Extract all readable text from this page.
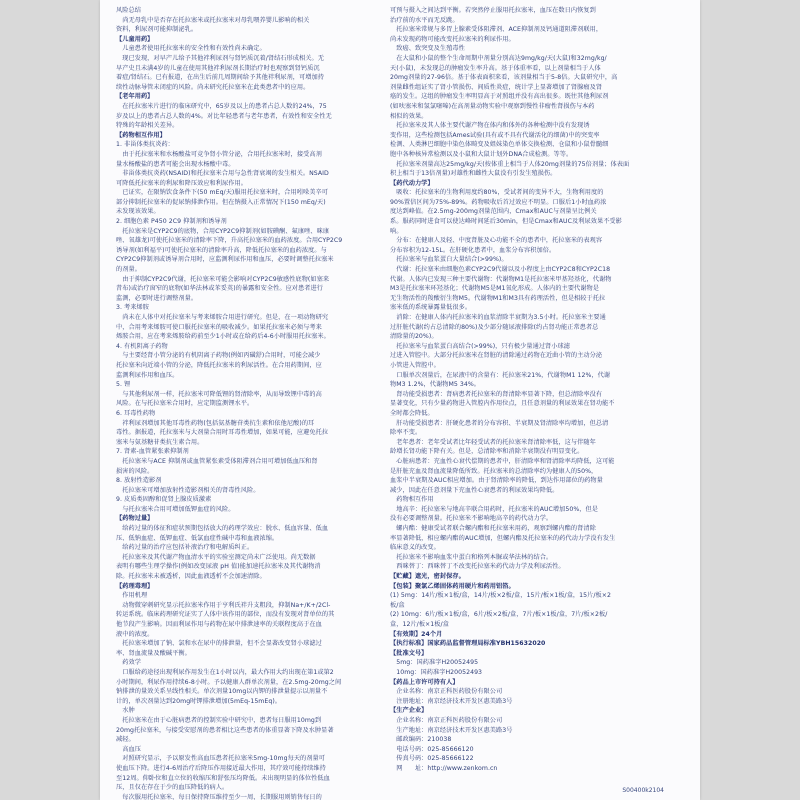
风险总结
　尚无母乳中是否存在托拉塞米或托拉塞米对母乳喂养婴儿影响的相关
资料，利尿剂可能抑制泌乳。
【儿童用药】
　儿童患者使用托拉塞米的安全性和有效性尚未确定。
　现已发现，对早产儿给予其他袢利尿剂与肾钙质沉着/肾结石形成相关。无
早产史且未满4岁的儿童在使用其他袢利尿剂长期治疗时也观察到肾钙质沉
着症/肾结石。已有报道，在出生后前几周期间给予其他袢利尿剂，可增加持
续性动脉导管未闭症的风险。尚未研究托拉塞米在此类患者中的应用。
【老年用药】
　在托拉塞米片进行的临床研究中，65岁及以上的患者占总人数的24%，75
岁及以上的患者占总人数的4%。对比年轻患者与老年患者，有效性和安全性无
特殊的年龄相关差异。
【药物相互作用】
1. 非甾体类抗炎药：
　由于托拉塞米和水杨酸盐可竞争肾小管分泌，合用托拉塞米时，接受高剂
量水杨酸盐的患者可能会出现水杨酸中毒。
　非甾体类抗炎药(NSAID)和托拉塞米合用与急性肾衰竭的发生相关。NSAID
可降低托拉塞米的利尿和降压效应和利尿作用。
　已证实，在限钠饮食条件下(50 mEq/天)服用托拉塞米时，合用吲哚美辛可
部分抑制托拉塞米的促尿钠排泄作用。但在钠摄入正常情况下(150 mEq/天)
未发现该效果。
2. 细胞色素 P450 2C9 抑制剂和诱导剂
　托拉塞米是CYP2C9的底物，合用CYP2C9抑制剂(如胺碘酮、氟康唑、咪康
唑、氧雄龙)可使托拉塞米的清除率下降，升高托拉塞米的血药浓度。合用CYP2C9
诱导剂(如利福平)可使托拉塞米的清除率升高，降低托拉塞米的血药浓度。与
CYP2C9抑制剂或诱导剂合用时，应监测利尿作用和血压，必要时调整托拉塞米
的剂量。
　由于抑制CYP2C9代谢，托拉塞米可能会影响对CYP2C9敏感性底物(如塞来
昔布)或治疗窗窄的底物(如华法林或苯妥英)的暴露和安全性。应对患者进行
监测，必要时进行调整剂量。
3. 考来烯胺
　尚未在人体中对托拉塞米与考来烯胺合用进行研究。但是，在一项动物研究
中，合用考来烯胺可使口服托拉塞米的吸收减少。如果托拉塞米必须与考来
烯胺合用，应在考来烯胺给药前至少1小时或在给药后4-6小时服用托拉塞米。
4. 有机阴离子药物
　与主要经肾小管分泌的有机阴离子药物(例如丙磺舒)合用时，可能会减少
托拉塞米向近端小管的分泌，降低托拉塞米的利尿活性。在合用药期间，应
监测利尿作用和血压。
5. 锂
　与其他利尿剂一样，托拉塞米可降低锂的肾清除率，从而导致锂中毒的高
风险。在与托拉塞米合用时，应定期监测锂水平。
6. 耳毒性药物
　袢利尿剂增加其他耳毒性药物(包括氨基糖苷类抗生素和依他尼酸)的耳
毒性。据报道，托拉塞米与大剂量合用时耳毒性增加，如果可能，应避免托拉
塞米与氨基糖苷类抗生素合用。
7. 肾素-血管紧张素抑制剂
　托拉塞米与ACE 抑制剂或血管紧张素受体阻滞剂合用可增加低血压和肾
损害的风险。
8. 放射性造影剂
　托拉塞米可增加放射性造影剂相关的肾毒性风险。
9. 皮质类固醇和促肾上腺皮质激素
　与托拉塞米合用可增加低钾血症的风险。
【药物过量】
　给药过量的体征和症状预期包括放大的药理学效应：脱水、低血容量、低血
压、低钠血症、低钾血症、低氯血症性碱中毒和血液浓缩。
　给药过量的治疗应包括补液治疗和电解质纠正。
　托拉塞米及其代谢产物血清水平的实验室测定尚未广泛使用。尚无数据
表明有哪些生理学操作(例如改变尿液 pH 值)能加速托拉塞米及其代谢物消
除。托拉塞米未被透析，因此血液透析不会加速清除。
【药理毒理】
　作用机理
　动物微穿刺研究显示托拉塞米作用于亨利氏袢升支粗段，抑制Na+/K+/2Cl-
转运系统。临床药理研究证实了人体中该作用的部位，而没有发现对肾单位的其
他节段产生影响。因而利尿作用与药物在尿中排泄速率的关联程度高于在血
液中的浓度。
　托拉塞米增加了钠、氯和水在尿中的排泄量，但不会显著改变肾小球滤过
率、肾血流量及酸碱平衡。
　药效学
　口服给药途径出现利尿作用发生在1小时以内，最大作用大约出现在第1或第2
小时期间，利尿作用持续6-8小时。予以健康人群单次剂量，在2.5mg-20mg之间
钠排泄的量效关系呈线性相关。单次剂量10mg以内钾的排泄量提示以剂量不
计的，单次剂量达到20mg时钾排泄增加(5mEq-15mEq)。
　水肿
　托拉塞米在由于心脏病患者的控制实验中研究中，患者每日服用10mg到
20mg托拉塞米，与接受安慰剂的患者相比这些患者的体重显著下降及水肿显著
减轻。
　高血压
　对照研究显示，予以原发性高血压患者托拉塞米5mg-10mg每天的剂量可
使血压下降。进行4-6周治疗后降压作用接近最大作用，其疗效可能持续维持
至12周。仰卧位和直立位的收缩压和舒张压均降低。未出现明显的体位性低血
压，且仅在存在于少的血压降低的病人。
　每次服用托拉塞米，每日保持降压维持至少一周，长期服用则销售每日的
可预与摄入之间达到平衡。若突然停止服用托拉塞米，血压在数日内恢复到
治疗前的水平而无反跳。
　托拉塞米常规与多胃上腺素受体阻滞剂、ACE抑制剂及钙通道阻滞剂联用，
尚未发现药物可能改变托拉塞米的利尿作用。
　致癌、致突变及生殖毒性
　在大鼠和小鼠的整个生命周期中剂量分别高达9mg/kg/天(大鼠)和32mg/kg/
天(小鼠)，未发现总的肿瘤发生率升高。基于体重率看，以上剂量相当于人体
20mg剂量的27-96倍。基于体表面积来看，该剂量相当于5-8倍。大鼠研究中，高
剂量雌性组证实了肾小管损伤、间质性炎症，统计学上显著增加了肾腺瘤及肾
癌的发生。这组的肿瘤发生率明显高于对照组并没有高出很多。既往其他利尿剂
(如呋塞米和氢氯噻嗪)在高剂量动物实验中观察到慢性非瘤性肾损伤与本药
相似的效果。
　托拉塞米及其人体主要代谢产物在体内和体外的各种检测中没有发现诱
变作用，这些检测包括Ames试验(具有或不具有代谢活化的细菌)中的突变率
检测、人类淋巴细胞中染色体畸变及姐妹染色单体交换检测、仓鼠和小鼠骨髓细
胞中各种核异常检测以及小鼠和大鼠计划外DNA合成检测。等等。
　托拉塞米剂量高达25mg/kg/天(按体重上相当于人体20mg剂量的75倍剂量；体表面
积上相当于13倍剂量)对雄性和雌性大鼠没有引发生殖损伤。
【药代动力学】
　吸收：托拉塞米的生物利用度约80%，受试者间的变异不大，生物利用度的
90%置信区间为75%-89%。药物吸收后首过效应不明显。口服后1小时血药浓
度达到峰值。在2.5mg-200mg剂量范围内，Cmax和AUC与剂量呈比例关
系。服药同时进食可以使达峰时间延后30min，但是Cmax和AUC及利尿效果不受影
响。
　分布：在健康人及轻、中度肾脏及心功能不全的患者中，托拉塞米的表观容
分布容积为12-15L。在肝硬化患者中，血浆分布容积加倍。
　托拉塞米与血浆蛋白大量结合(>99%)。
　代谢：托拉塞米由细胞色素CYP2C9代谢以及小程度上由CYP2C8和CYP2C18
代谢。人体内已发现三种主要代谢物：代谢物M1是托拉塞米甲基羟基化，代谢物
M3是托拉塞米环羟基化；代谢物M5是M1氧化形成。人体内的主要代谢物是
无生物活性的羧酸衍生物M5。代谢物M1和M3具有药理活性，但是相较于托拉
塞米低的系统暴露量低很多。
　消除：在健康人体内托拉塞米的血浆清除半衰期为3.5小时。托拉塞米主要通
过肝脏代谢(约占总清除的80%)及少部分随尿液排除(约占肾功能正常患者总
清除量的20%)。
　托拉塞米与血浆蛋白高结合(>99%)，只有极少量通过肾小球滤
过进入管腔中。大部分托拉塞米在肾脏的清除通过药物在近曲小管的主动分泌
小管进入管腔中。
　口服单次剂量后，在尿液中的含量有：托拉塞米21%，代谢物M1 12%，代谢
物M3 1.2%，代谢物M5 34%。
　肾功能受损患者：肾病患者托拉塞米的肾清除率显著下降，但总清除率没有
显著变化，只有少量药物进入管腔内作用位点，且任意剂量的利尿效果在肾功能不
全时都会降低。
　肝功能受损患者：肝硬化患者的分布容积、半衰期及肾清除率均增加，但总清
除率不变。
　老年患者：老年受试者比年轻受试者的托拉塞米肾清除率低，这与伴随年
龄增长肾功能下降有关。但是，总清除率和消除半衰期没有明显变化。
　心脏病患者：充血性心衰代偿期的患者中，肝清除率和肾清除率均降低，这可能
是肝脏充血及肾血流量降低所致。托拉塞米的总清除率约为健康人的50%，
血浆中半衰期及AUC相应增加。由于肾清除率的降低，到达作用部位的药物量
减少，因此在任意剂量下充血性心衰患者的利尿效果均降低。
　药物相互作用
　地高辛：托拉塞米与地高辛联合用药时，托拉塞米的AUC增加50%，但是
没有必要调整剂量。托拉塞米不影响地高辛的药代动力学。
　螺内酯：健康受试者联合螺内酯和托拉塞米用药，观察到螺内酯的肾清除
率显著降低，相应螺内酯的AUC增加，但螺内酯及托拉塞米的药代动力学没有发生
临床意义的改变。
　托拉塞米不影响血浆中蛋白和格列本脲或华法林的结合。
　西咪替丁：西咪替丁不改变托拉塞米药代动力学及利尿活性。
【贮藏】遮光，密封保存。
【包装】聚氯乙烯固体药用硬片和药用铝箔。
(1) 5mg：14片/板×1板/盒，14片/板×2板/盒，15片/板×1板/盒，15片/板×2
板/盒
(2) 10mg：6片/板×1板/盒，6片/板×2板/盒，7片/板×1板/盒，7片/板×2板/
盒，12片/板×1板/盒
【有效期】24个月
【执行标准】国家药品监督管理局标准YBH15632020
【批准文号】
　5mg：国药准字H20052495
　10mg：国药准字H20052493
【药品上市许可持有人】
　企业名称：南京正科医药股份有限公司
　注册地址：南京经济技术开发区惠美路3号
【生产企业】
　企业名称：南京正科医药股份有限公司
　生产地址：南京经济技术开发区惠美路3号
　邮政编码：210038
　电话号码：025-85666120
　传真号码：025-85666122
　网　　址：http://www.zenkom.cn
S00400k2104
